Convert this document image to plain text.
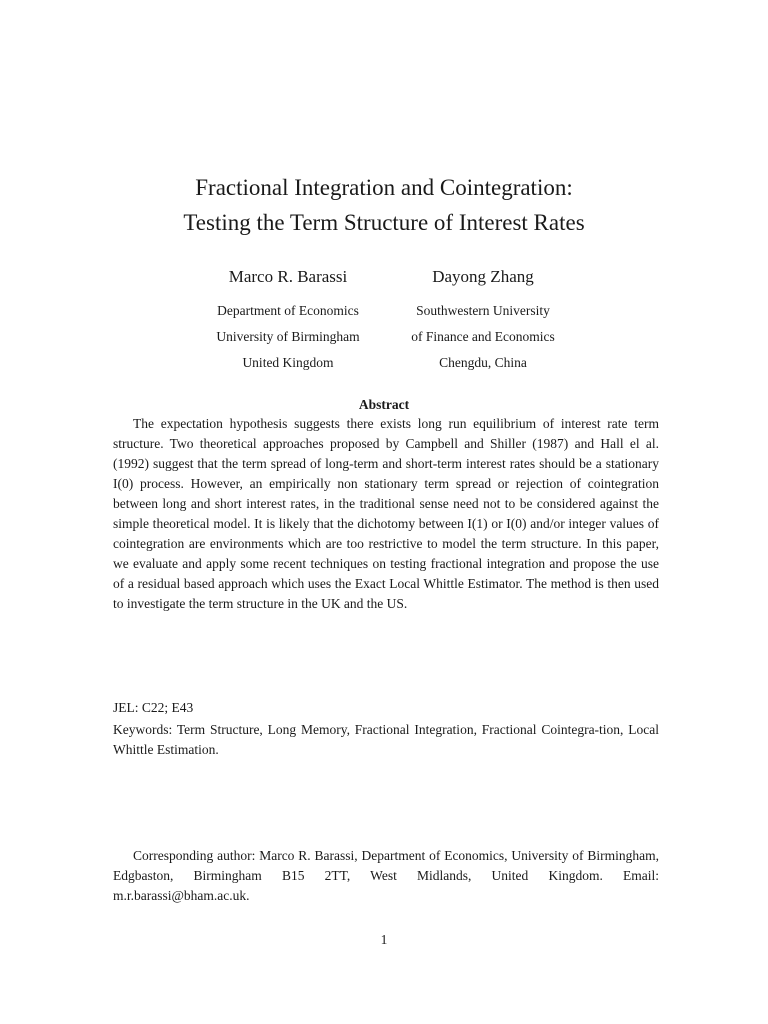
Fractional Integration and Cointegration:
Testing the Term Structure of Interest Rates
Marco R. Barassi
Department of Economics
University of Birmingham
United Kingdom
Dayong Zhang
Southwestern University
of Finance and Economics
Chengdu, China
Abstract
The expectation hypothesis suggests there exists long run equilibrium of interest rate term structure. Two theoretical approaches proposed by Campbell and Shiller (1987) and Hall el al. (1992) suggest that the term spread of long-term and short-term interest rates should be a stationary I(0) process. However, an empirically non stationary term spread or rejection of cointegration between long and short interest rates, in the traditional sense need not to be considered against the simple theoretical model. It is likely that the dichotomy between I(1) or I(0) and/or integer values of cointegration are environments which are too restrictive to model the term structure. In this paper, we evaluate and apply some recent techniques on testing fractional integration and propose the use of a residual based approach which uses the Exact Local Whittle Estimator. The method is then used to investigate the term structure in the UK and the US.
JEL: C22; E43
Keywords: Term Structure, Long Memory, Fractional Integration, Fractional Cointegra-tion, Local Whittle Estimation.
Corresponding author: Marco R. Barassi, Department of Economics, University of Birmingham, Edgbaston, Birmingham B15 2TT, West Midlands, United Kingdom. Email: m.r.barassi@bham.ac.uk.
1
